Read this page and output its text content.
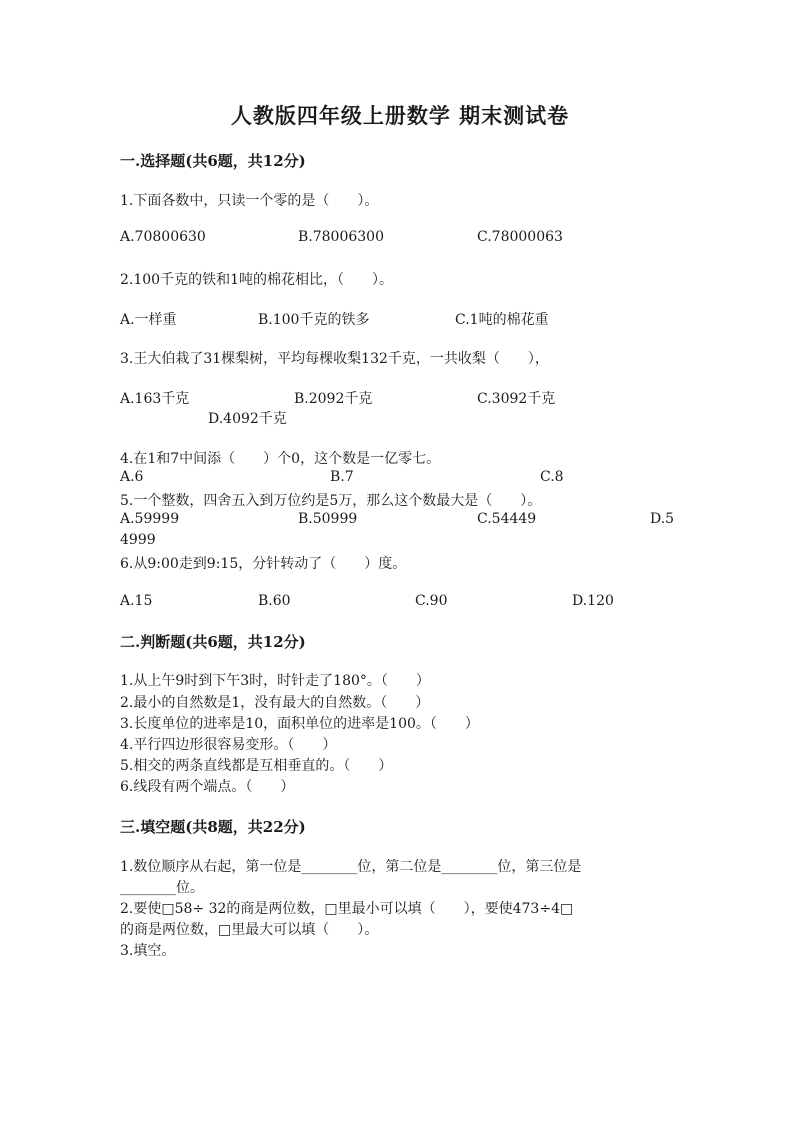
人教版四年级上册数学 期末测试卷
一.选择题(共6题，共12分)
1.下面各数中，只读一个零的是（　　）。
A.70800630	B.78006300	C.78000063
2.100千克的铁和1吨的棉花相比，（　　）。
A.一样重	B.100千克的铁多	C.1吨的棉花重
3.王大伯栽了31棵梨树，平均每棵收梨132千克，一共收梨（　　），
A.163千克	B.2092千克	C.3092千克
D.4092千克
4.在1和7中间添（　　）个0，这个数是一亿零七。
A.6	B.7	C.8
5.一个整数，四舍五入到万位约是5万，那么这个数最大是（　　）。
A.59999	B.50999	C.54449	D.5
4999
6.从9:00走到9:15，分针转动了（　　）度。
A.15	B.60	C.90	D.120
二.判断题(共6题，共12分)
1.从上午9时到下午3时，时针走了180°。（　　）
2.最小的自然数是1，没有最大的自然数。（　　）
3.长度单位的进率是10，面积单位的进率是100。（　　）
4.平行四边形很容易变形。（　　）
5.相交的两条直线都是互相垂直的。（　　）
6.线段有两个端点。（　　）
三.填空题(共8题，共22分)
1.数位顺序从右起，第一位是________位，第二位是________位，第三位是
________位。
2.要使□58÷ 32的商是两位数，□里最小可以填（　　），要使473÷4□
的商是两位数，□里最大可以填（　　）。
3.填空。
